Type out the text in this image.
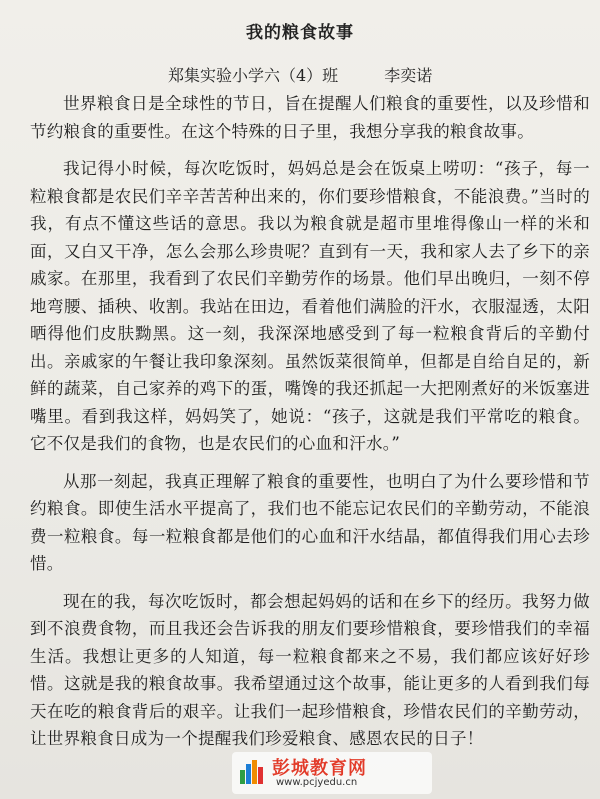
我的粮食故事
郑集实验小学六（4）班	李奕诺

世界粮食日是全球性的节日，旨在提醒人们粮食的重要性，以及珍惜和节约粮食的重要性。在这个特殊的日子里，我想分享我的粮食故事。

我记得小时候，每次吃饭时，妈妈总是会在饭桌上唠叨：“孩子，每一粒粮食都是农民们辛辛苦苦种出来的，你们要珍惜粮食，不能浪费。”当时的我，有点不懂这些话的意思。我以为粮食就是超市里堆得像山一样的米和面，又白又干净，怎么会那么珍贵呢？直到有一天，我和家人去了乡下的亲戚家。在那里，我看到了农民们辛勤劳作的场景。他们早出晚归，一刻不停地弯腰、插秧、收割。我站在田边，看着他们满脸的汗水，衣服湿透，太阳晒得他们皮肤黝黑。这一刻，我深深地感受到了每一粒粮食背后的辛勤付出。亲戚家的午餐让我印象深刻。虽然饭菜很简单，但都是自给自足的，新鲜的蔬菜，自己家养的鸡下的蛋，嘴馋的我还抓起一大把刚煮好的米饭塞进嘴里。看到我这样，妈妈笑了，她说：“孩子，这就是我们平常吃的粮食。它不仅是我们的食物，也是农民们的心血和汗水。”

从那一刻起，我真正理解了粮食的重要性，也明白了为什么要珍惜和节约粮食。即使生活水平提高了，我们也不能忘记农民们的辛勤劳动，不能浪费一粒粮食。每一粒粮食都是他们的心血和汗水结晶，都值得我们用心去珍惜。

现在的我，每次吃饭时，都会想起妈妈的话和在乡下的经历。我努力做到不浪费食物，而且我还会告诉我的朋友们要珍惜粮食，要珍惜我们的幸福生活。我想让更多的人知道，每一粒粮食都来之不易，我们都应该好好珍惜。这就是我的粮食故事。我希望通过这个故事，能让更多的人看到我们每天在吃的粮食背后的艰辛。让我们一起珍惜粮食，珍惜农民们的辛勤劳动，让世界粮食日成为一个提醒我们珍爱粮食、感恩农民的日子！

彭城教育网
www.pcjyedu.cn
